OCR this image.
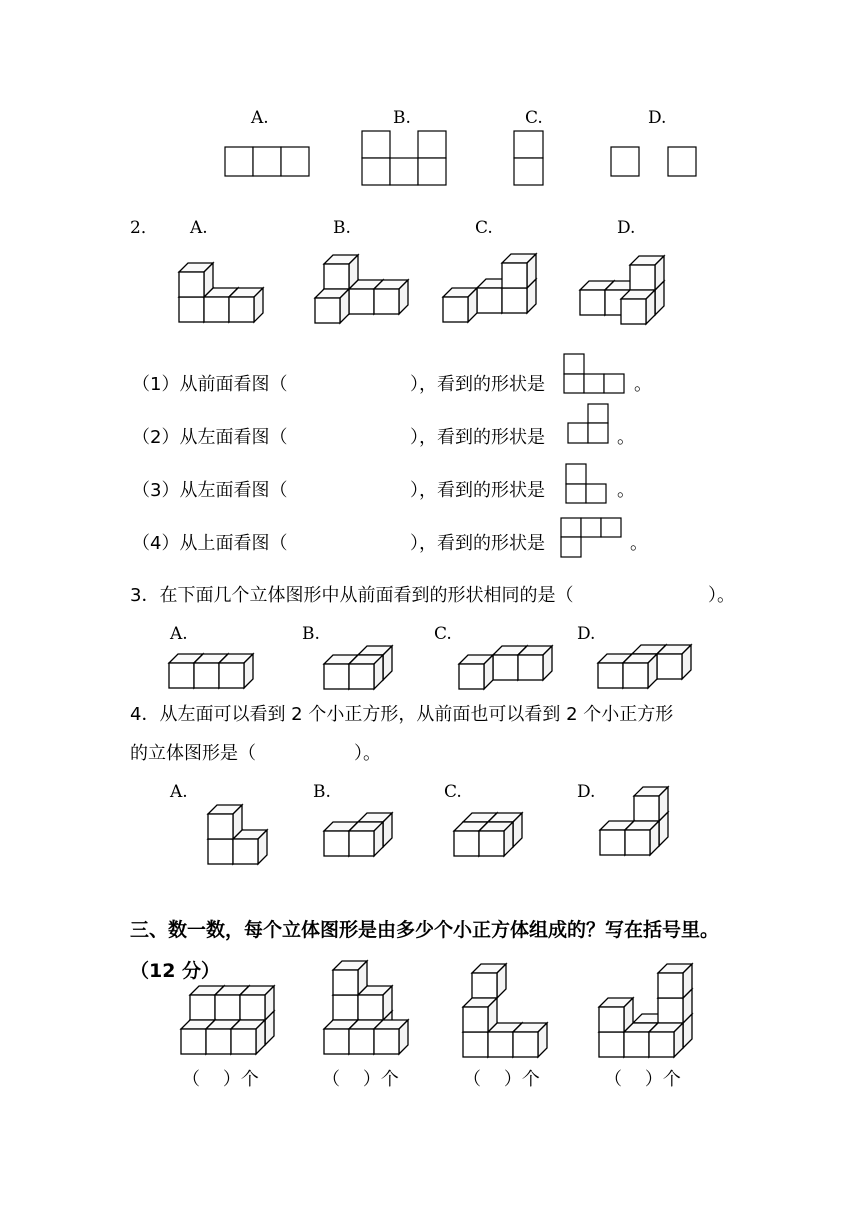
A.	B.	C.	D.
2． A.	B.	C.	D.
（1）从前面看图（	），看到的形状是	。
（2）从左面看图（	），看到的形状是	。
（3）从左面看图（	），看到的形状是	。
（4）从上面看图（	），看到的形状是	。
3．在下面几个立体图形中从前面看到的形状相同的是（	）。
A.	B.	C.	D.
4．从左面可以看到 2 个小正方形，从前面也可以看到 2 个小正方形
的立体图形是（	）。
A.	B.	C.	D.
三、数一数，每个立体图形是由多少个小正方体组成的？写在括号里。
（12 分）
（    ）个	（    ）个	（    ）个	（    ）个
